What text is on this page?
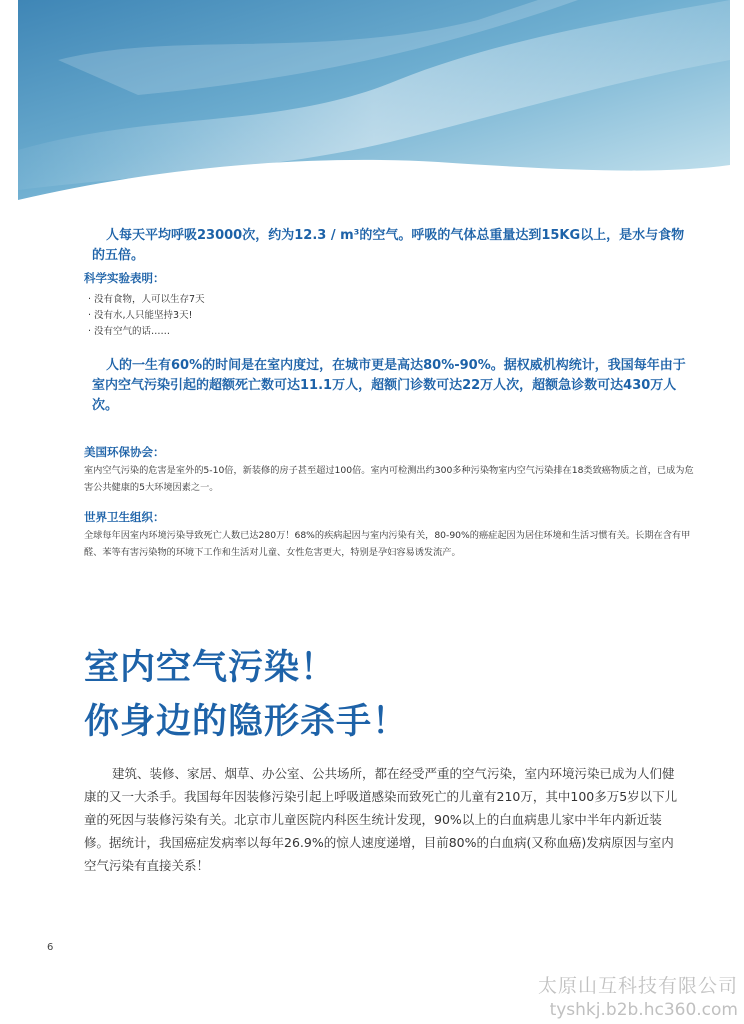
人每天平均呼吸23000次，约为12.3 / m³的空气。呼吸的气体总重量达到15KG以上，是水与食物的五倍。
科学实验表明：
· 没有食物，人可以生存7天
· 没有水,人只能坚持3天!
· 没有空气的话……
人的一生有60%的时间是在室内度过，在城市更是高达80%-90%。据权威机构统计，我国每年由于室内空气污染引起的超额死亡数可达11.1万人，超额门诊数可达22万人次，超额急诊数可达430万人次。
美国环保协会：
室内空气污染的危害是室外的5-10倍，新装修的房子甚至超过100倍。室内可检测出约300多种污染物室内空气污染排在18类致癌物质之首，已成为危害公共健康的5大环境因素之一。
世界卫生组织：
全球每年因室内环境污染导致死亡人数已达280万！68%的疾病起因与室内污染有关，80-90%的癌症起因为居住环境和生活习惯有关。长期在含有甲醛、苯等有害污染物的环境下工作和生活对儿童、女性危害更大，特别是孕妇容易诱发流产。
室内空气污染！
你身边的隐形杀手！
建筑、装修、家居、烟草、办公室、公共场所，都在经受严重的空气污染，室内环境污染已成为人们健康的又一大杀手。我国每年因装修污染引起上呼吸道感染而致死亡的儿童有210万，其中100多万5岁以下儿童的死因与装修污染有关。北京市儿童医院内科医生统计发现，90%以上的白血病患儿家中半年内新近装修。据统计，我国癌症发病率以每年26.9%的惊人速度递增，目前80%的白血病(又称血癌)发病原因与室内空气污染有直接关系！
6
太原山互科技有限公司
tyshkj.b2b.hc360.com
